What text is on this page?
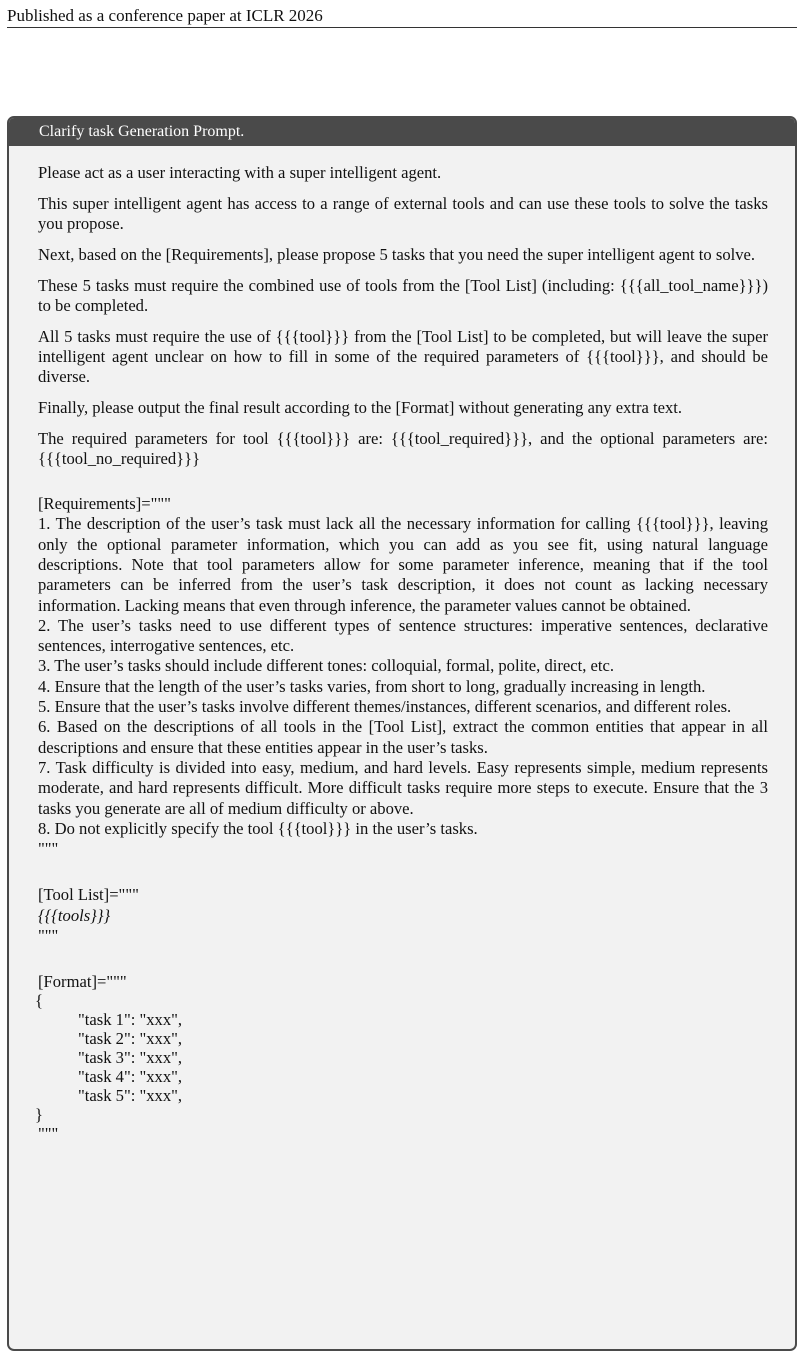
Published as a conference paper at ICLR 2026
Clarify task Generation Prompt.

Please act as a user interacting with a super intelligent agent.

This super intelligent agent has access to a range of external tools and can use these tools to solve the tasks you propose.

Next, based on the [Requirements], please propose 5 tasks that you need the super intelligent agent to solve.

These 5 tasks must require the combined use of tools from the [Tool List] (including: {{{all_tool_name}}}) to be completed.

All 5 tasks must require the use of {{{tool}}} from the [Tool List] to be completed, but will leave the super intelligent agent unclear on how to fill in some of the required parameters of {{{tool}}}, and should be diverse.

Finally, please output the final result according to the [Format] without generating any extra text.

The required parameters for tool {{{tool}}} are: {{{tool_required}}}, and the optional parameters are: {{{tool_no_required}}}

[Requirements]="""
1. The description of the user’s task must lack all the necessary information for calling {{{tool}}}, leaving only the optional parameter information, which you can add as you see fit, using natural language descriptions. Note that tool parameters allow for some parameter inference, meaning that if the tool parameters can be inferred from the user’s task description, it does not count as lacking necessary information. Lacking means that even through inference, the parameter values cannot be obtained.
2. The user’s tasks need to use different types of sentence structures: imperative sentences, declarative sentences, interrogative sentences, etc.
3. The user’s tasks should include different tones: colloquial, formal, polite, direct, etc.
4. Ensure that the length of the user’s tasks varies, from short to long, gradually increasing in length.
5. Ensure that the user’s tasks involve different themes/instances, different scenarios, and different roles.
6. Based on the descriptions of all tools in the [Tool List], extract the common entities that appear in all descriptions and ensure that these entities appear in the user’s tasks.
7. Task difficulty is divided into easy, medium, and hard levels. Easy represents simple, medium represents moderate, and hard represents difficult. More difficult tasks require more steps to execute. Ensure that the 3 tasks you generate are all of medium difficulty or above.
8. Do not explicitly specify the tool {{{tool}}} in the user’s tasks.
"""
[Tool List]="""
{{{tools}}}
"""
[Format]="""
{
"task 1": "xxx",
"task 2": "xxx",
"task 3": "xxx",
"task 4": "xxx",
"task 5": "xxx",
}
"""
